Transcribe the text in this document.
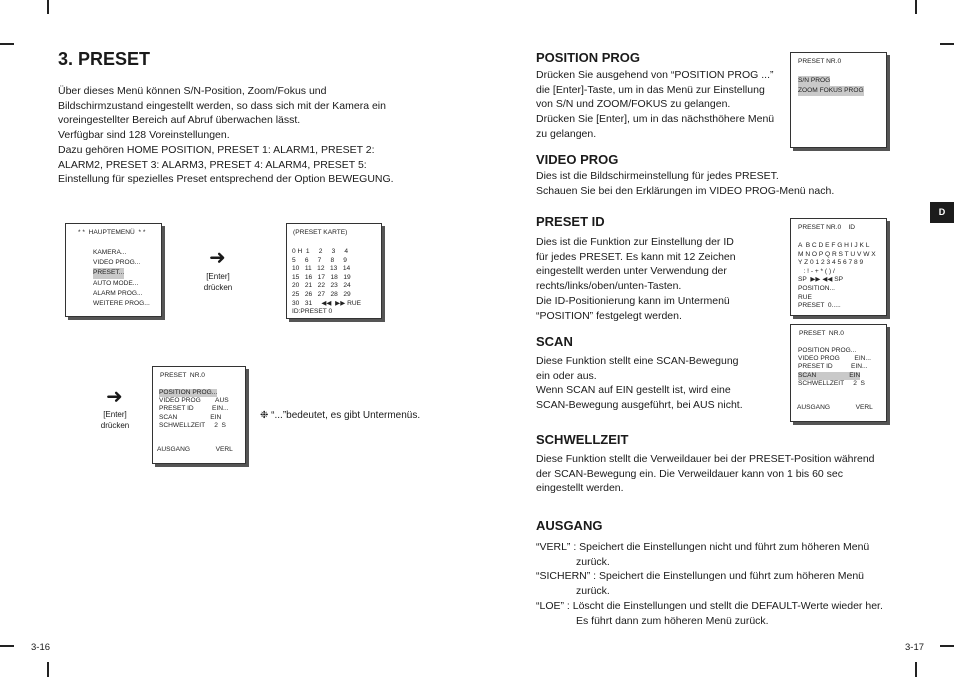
3. PRESET
Über dieses Menü können S/N-Position, Zoom/Fokus und
Bildschirmzustand eingestellt werden, so dass sich mit der Kamera ein
voreingestellter Bereich auf Abruf überwachen lässt.
Verfügbar sind 128 Voreinstellungen.
Dazu gehören HOME POSITION, PRESET 1: ALARM1, PRESET 2:
ALARM2, PRESET 3: ALARM3, PRESET 4: ALARM4, PRESET 5:
Einstellung für spezielles Preset entsprechend der Option BEWEGUNG.
* *  HAUPTEMENÜ  * *
KAMERA...
VIDEO PROG...
PRESET...
AUTO MODE...
ALARM PROG...
WEITERE PROG...
➜
[Enter]
drücken
(PRESET KARTE)
0 H  1     2     3     4
5     6     7     8     9
10   11   12   13   14
15   16   17   18   19
20   21   22   23   24
25   26   27   28   29
30   31     ◀◀  ▶▶ RUE
ID:PRESET 0
➜
[Enter]
drücken
PRESET  NR.0
POSITION PROG...
VIDEO PROG        AUS
PRESET ID          EIN...
SCAN                  EIN
SCHWELLZEIT     2  S
AUSGANG              VERL
❉ “...”bedeutet, es gibt Untermenüs.
3-16
POSITION PROG
Drücken Sie ausgehend von “POSITION PROG ...”
die [Enter]-Taste, um in das Menü zur Einstellung
von S/N und ZOOM/FOKUS zu gelangen.
Drücken Sie [Enter], um in das nächsthöhere Menü
zu gelangen.
VIDEO PROG
Dies ist die Bildschirmeinstellung für jedes PRESET.
Schauen Sie bei den Erklärungen im VIDEO PROG-Menü nach.
PRESET ID
Dies ist die Funktion zur Einstellung der ID
für jedes PRESET. Es kann mit 12 Zeichen
eingestellt werden unter Verwendung der
rechts/links/oben/unten-Tasten.
Die ID-Positionierung kann im Untermenü
“POSITION” festgelegt werden.
SCAN
Diese Funktion stellt eine SCAN-Bewegung
ein oder aus.
Wenn SCAN auf EIN gestellt ist, wird eine
SCAN-Bewegung ausgeführt, bei AUS nicht.
SCHWELLZEIT
Diese Funktion stellt die Verweildauer bei der PRESET-Position während
der SCAN-Bewegung ein. Die Verweildauer kann von 1 bis 60 sec
eingestellt werden.
AUSGANG
“VERL” : Speichert die Einstellungen nicht und führt zum höheren Menü zurück.
“SICHERN” : Speichert die Einstellungen und führt zum höheren Menü zurück.
“LOE” : Löscht die Einstellungen und stellt die DEFAULT-Werte wieder her. Es führt dann zum höheren Menü zurück.
PRESET NR.0
S/N PROG ZOOM FOKUS PROG
PRESET NR.0    ID
A  B C D E F G H I J K L
M N O P Q R S T U V W X
Y Z 0 1 2 3 4 5 6 7 8 9
: ! - + * ( ) /
SP  ▶▶ ◀◀ SP
POSITION...
RUE
PRESET  0.....
PRESET  NR.0
POSITION PROG...
VIDEO PROG        EIN...
PRESET ID          EIN...
SCAN                  EIN
SCHWELLZEIT     2  S
AUSGANG              VERL
D
3-17
